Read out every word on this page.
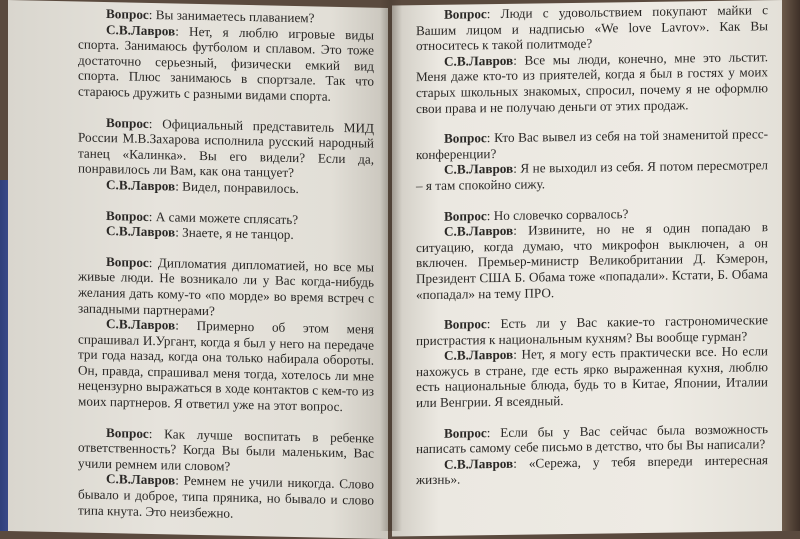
Вопрос: Вы занимаетесь плаванием?

С.В.Лавров: Нет, я люблю игровые виды спорта. Занимаюсь футболом и сплавом. Это тоже достаточно серьезный, физически емкий вид спорта. Плюс занимаюсь в спортзале. Так что стараюсь дружить с разными видами спорта.

Вопрос: Официальный представитель МИД России М.В.Захарова исполнила русский народный танец «Калинка». Вы его видели? Если да, понравилось ли Вам, как она танцует?

С.В.Лавров: Видел, понравилось.

Вопрос: А сами можете сплясать?

С.В.Лавров: Знаете, я не танцор.

Вопрос: Дипломатия дипломатией, но все мы живые люди. Не возникало ли у Вас когда-нибудь желания дать кому-то «по морде» во время встреч с западными партнерами?

С.В.Лавров: Примерно об этом меня спрашивал И.Ургант, когда я был у него на передаче три года назад, когда она только набирала обороты. Он, правда, спрашивал меня тогда, хотелось ли мне нецензурно выражаться в ходе контактов с кем-то из моих партнеров. Я ответил уже на этот вопрос.

Вопрос: Как лучше воспитать в ребенке ответственность? Когда Вы были маленьким, Вас учили ремнем или словом?

С.В.Лавров: Ремнем не учили никогда. Слово бывало и доброе, типа пряника, но бывало и слово типа кнута. Это неизбежно.

Вопрос: Люди с удовольствием покупают майки с Вашим лицом и надписью «We love Lavrov». Как Вы относитесь к такой политмоде?

С.В.Лавров: Все мы люди, конечно, мне это льстит. Меня даже кто-то из приятелей, когда я был в гостях у моих старых школьных знакомых, спросил, почему я не оформлю свои права и не получаю деньги от этих продаж.

Вопрос: Кто Вас вывел из себя на той знаменитой пресс-конференции?

С.В.Лавров: Я не выходил из себя. Я потом пересмотрел – я там спокойно сижу.

Вопрос: Но словечко сорвалось?

С.В.Лавров: Извините, но не я один попадаю в ситуацию, когда думаю, что микрофон выключен, а он включен. Премьер-министр Великобритании Д. Кэмерон, Президент США Б. Обама тоже «попадали». Кстати, Б. Обама «попадал» на тему ПРО.

Вопрос: Есть ли у Вас какие-то гастрономические пристрастия к национальным кухням? Вы вообще гурман?

С.В.Лавров: Нет, я могу есть практически все. Но если нахожусь в стране, где есть ярко выраженная кухня, люблю есть национальные блюда, будь то в Китае, Японии, Италии или Венгрии. Я всеядный.

Вопрос: Если бы у Вас сейчас была возможность написать самому себе письмо в детство, что бы Вы написали?

С.В.Лавров: «Сережа, у тебя впереди интересная жизнь».
